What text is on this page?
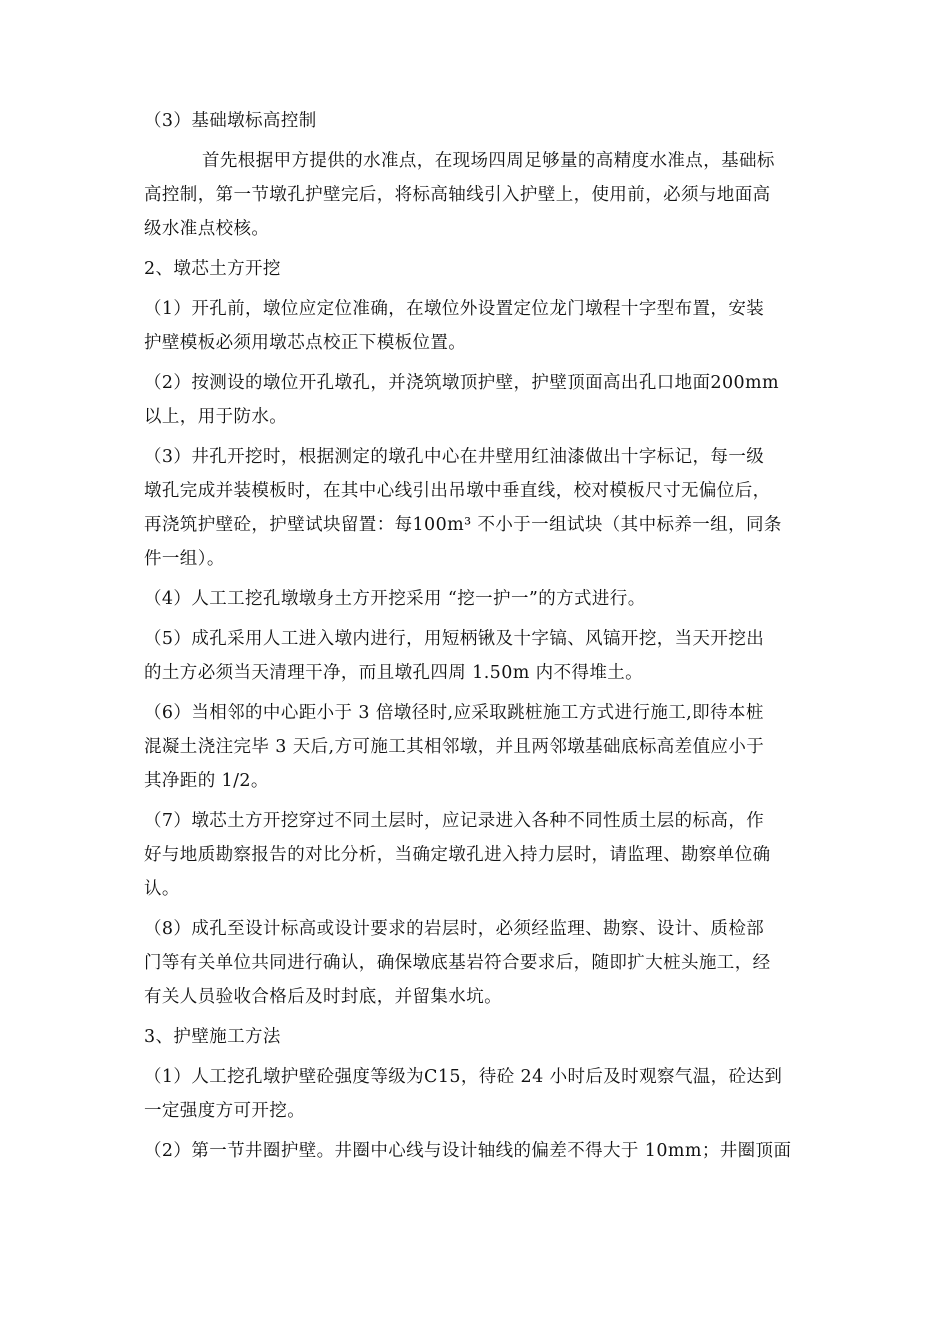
（3）基础墩标高控制
首先根据甲方提供的水准点，在现场四周足够量的高精度水准点，基础标
高控制，第一节墩孔护壁完后，将标高轴线引入护壁上，使用前，必须与地面高
级水准点校核。
2、墩芯土方开挖
（1）开孔前，墩位应定位准确，在墩位外设置定位龙门墩程十字型布置，安装
护壁模板必须用墩芯点校正下模板位置。
（2）按测设的墩位开孔墩孔，并浇筑墩顶护壁，护壁顶面高出孔口地面200mm
以上，用于防水。
（3）井孔开挖时，根据测定的墩孔中心在井壁用红油漆做出十字标记，每一级
墩孔完成并装模板时，在其中心线引出吊墩中垂直线，校对模板尺寸无偏位后，
再浇筑护壁砼，护壁试块留置：每100m³ 不小于一组试块（其中标养一组，同条
件一组）。
（4）人工工挖孔墩墩身土方开挖采用 “挖一护一”的方式进行。
（5）成孔采用人工进入墩内进行，用短柄锹及十字镐、风镐开挖，当天开挖出
的土方必须当天清理干净，而且墩孔四周 1.50m 内不得堆土。
（6）当相邻的中心距小于 3 倍墩径时,应采取跳桩施工方式进行施工,即待本桩
混凝土浇注完毕 3 天后,方可施工其相邻墩，并且两邻墩基础底标高差值应小于
其净距的 1/2。
（7）墩芯土方开挖穿过不同土层时，应记录进入各种不同性质土层的标高，作
好与地质勘察报告的对比分析，当确定墩孔进入持力层时，请监理、勘察单位确
认。
（8）成孔至设计标高或设计要求的岩层时，必须经监理、勘察、设计、质检部
门等有关单位共同进行确认，确保墩底基岩符合要求后，随即扩大桩头施工，经
有关人员验收合格后及时封底，并留集水坑。
3、护壁施工方法
（1）人工挖孔墩护壁砼强度等级为C15，待砼 24 小时后及时观察气温，砼达到
一定强度方可开挖。
（2）第一节井圈护壁。井圈中心线与设计轴线的偏差不得大于 10mm；井圈顶面
